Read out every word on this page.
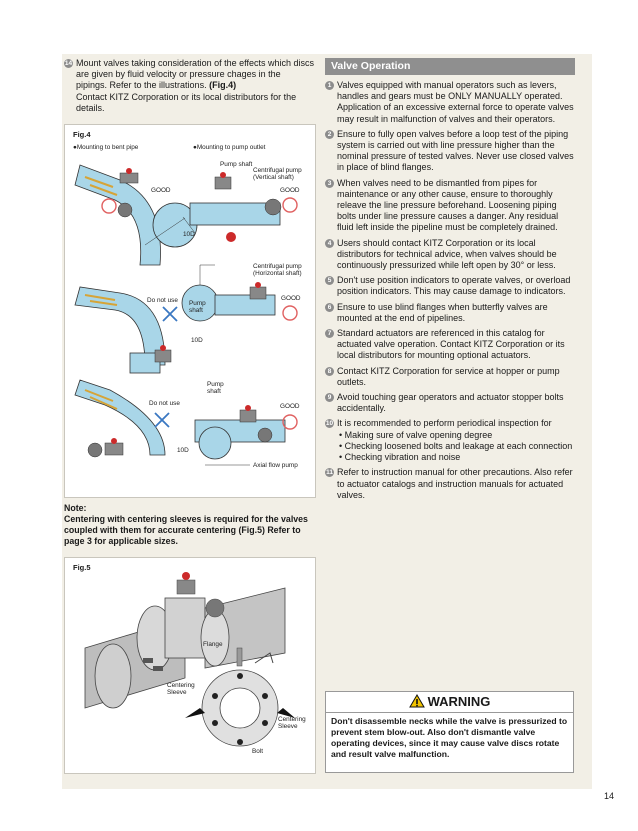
14 Mount valves taking consideration of the effects which discs are given by fluid velocity or pressure chages in the pipings. Refer to the illustrations. (Fig.4)
Contact KITZ Corporation or its local distributors for the details.
Fig.4
●Mounting to bent pipe	●Mounting to pump outlet
Pump shaft
Centrifugal pump (Vertical shaft)
GOOD	GOOD
10D
Centrifugal pump (Horizontal shaft)
Do not use Pump shaft
GOOD
10D
Pump shaft
Do not use	GOOD
10D
Axial flow pump
Note:
Centering with centering sleeves is required for the valves coupled with them for accurate centering (Fig.5) Refer to page 3 for applicable sizes.
Fig.5
Flange
Centering Sleeve
Valve Operation
1 Valves equipped with manual operators such as levers, handles and gears must be ONLY MANUALLY operated. Application of an excessive external force to operate valves may result in malfunction of valves and their operators.
2 Ensure to fully open valves before a loop test of the piping system is carried out with line pressure higher than the nominal pressure of tested valves. Never use closed valves in place of blind flanges.
3 When valves need to be dismantled from pipes for maintenance or any other cause, ensure to thoroughly releave the line pressure beforehand. Loosening piping bolts under line pressure causes a danger. Any residual fluid left inside the pipeline must be completely drained.
4 Users should contact KITZ Corporation or its local distributors for technical advice, when valves should be continuously pressurized while left open by 30° or less.
5 Don't use position indicators to operate valves, or overload position indicators. This may cause damage to indicators.
6 Ensure to use blind flanges when butterfly valves are mounted at the end of pipelines.
7 Standard actuators are referenced in this catalog for actuated valve operation. Contact KITZ Corporation or its local distributors for mounting optional actuators.
8 Contact KITZ Corporation for service at hopper or pump outlets.
9 Avoid touching gear operators and actuator stopper bolts accidentally.
10 It is recommended to perform periodical inspection for
• Making sure of valve opening degree
• Checking loosened bolts and leakage at each connection
• Checking vibration and noise
11 Refer to instruction manual for other precautions. Also refer to actuator catalogs and instruction manuals for actuated valves.
Centering Sleeve
Bolt
WARNING
Don't disassemble necks while the valve is pressurized to prevent stem blow-out. Also don't dismantle valve operating devices, since it may cause valve discs rotate and result valve malfunction.
14
